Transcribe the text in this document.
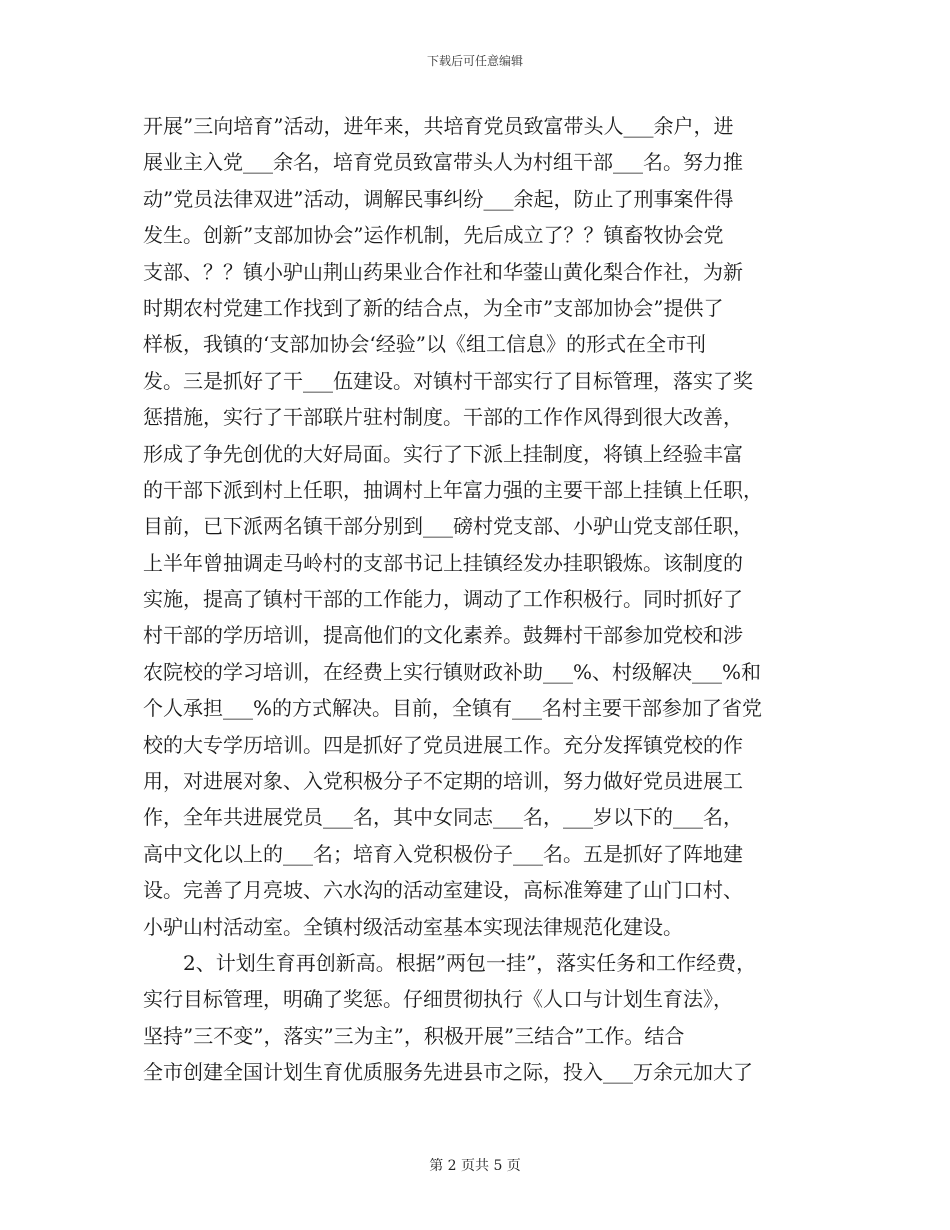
下载后可任意编辑
开展”三向培育”活动，进年来，共培育党员致富带头人___余户，进
展业主入党___余名，培育党员致富带头人为村组干部___名。努力推
动”党员法律双进”活动，调解民事纠纷___余起，防止了刑事案件得
发生。创新”支部加协会”运作机制，先后成立了？？镇畜牧协会党
支部、？？镇小驴山荆山药果业合作社和华蓥山黄化梨合作社，为新
时期农村党建工作找到了新的结合点，为全市”支部加协会”提供了
样板，我镇的‘支部加协会‘经验”以《组工信息》的形式在全市刊
发。三是抓好了干___伍建设。对镇村干部实行了目标管理，落实了奖
惩措施，实行了干部联片驻村制度。干部的工作作风得到很大改善，
形成了争先创优的大好局面。实行了下派上挂制度，将镇上经验丰富
的干部下派到村上任职，抽调村上年富力强的主要干部上挂镇上任职，
目前，已下派两名镇干部分别到___磅村党支部、小驴山党支部任职，
上半年曾抽调走马岭村的支部书记上挂镇经发办挂职锻炼。该制度的
实施，提高了镇村干部的工作能力，调动了工作积极行。同时抓好了
村干部的学历培训，提高他们的文化素养。鼓舞村干部参加党校和涉
农院校的学习培训，在经费上实行镇财政补助___%、村级解决___%和
个人承担___%的方式解决。目前，全镇有___名村主要干部参加了省党
校的大专学历培训。四是抓好了党员进展工作。充分发挥镇党校的作
用，对进展对象、入党积极分子不定期的培训，努力做好党员进展工
作，全年共进展党员___名，其中女同志___名，___岁以下的___名，
高中文化以上的___名；培育入党积极份子___名。五是抓好了阵地建
设。完善了月亮坡、六水沟的活动室建设，高标准筹建了山门口村、
小驴山村活动室。全镇村级活动室基本实现法律规范化建设。
　　2、计划生育再创新高。根据”两包一挂”，落实任务和工作经费，
实行目标管理，明确了奖惩。仔细贯彻执行《人口与计划生育法》，
坚持”三不变”，落实”三为主”，积极开展”三结合”工作。结合
全市创建全国计划生育优质服务先进县市之际，投入___万余元加大了
第 2 页共 5 页
